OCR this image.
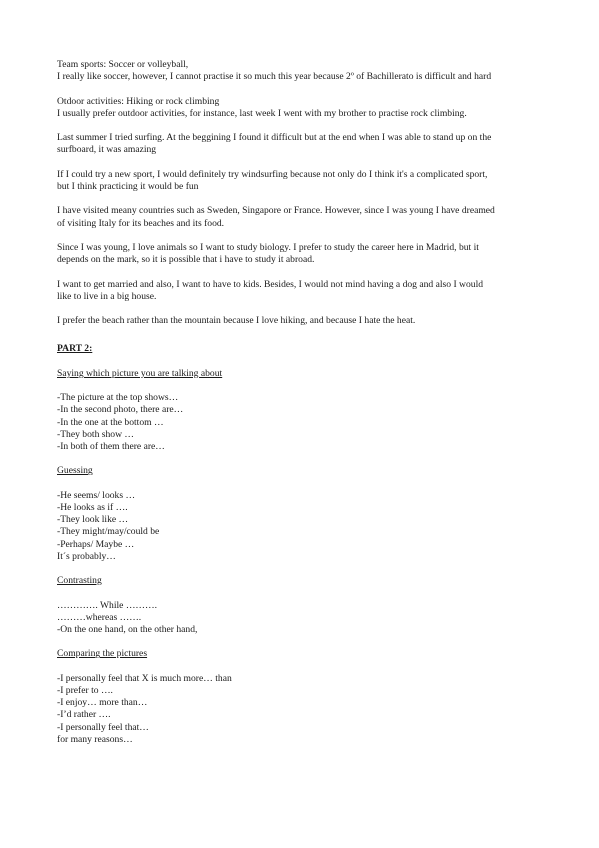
Team sports: Soccer or volleyball,
I really like soccer, however, I cannot practise it so much this year because 2º of Bachillerato is difficult and hard
Otdoor activities: Hiking or rock climbing
I usually prefer outdoor activities, for instance, last week I went with my brother to practise rock climbing.
Last summer I tried surfing. At the beggining I found it difficult but at the end when I was able to stand up on the
surfboard, it was amazing
If I could try a new sport, I would definitely try windsurfing because not only do I think it's a complicated sport,
but I think practicing it would be fun
I have visited meany countries such as Sweden, Singapore or France. However, since I was young I have dreamed
of visiting Italy for its beaches and its food.
Since I was young, I love animals so I want to study biology. I prefer to study the career here in Madrid, but it
depends on the mark, so it is possible that i have to study it abroad.
I want to get married and also, I want to have to kids. Besides, I would not mind having a dog and also I would
like to live in a big house.
I prefer the beach rather than the mountain because I love hiking, and because I hate the heat.
PART 2:
Saying which picture you are talking about
-The picture at the top shows…
-In the second photo, there are…
-In the one at the bottom …
-They both show …
-In both of them there are…
Guessing
-He seems/ looks …
-He looks as if ….
-They look like …
-They might/may/could be
-Perhaps/ Maybe …
It´s probably…
Contrasting
…………. While ……….
………whereas …….
-On the one hand, on the other hand,
Comparing the pictures
-I personally feel that X is much more… than
-I prefer to ….
-I enjoy… more than…
-I’d rather ….
-I personally feel that…
for many reasons…
